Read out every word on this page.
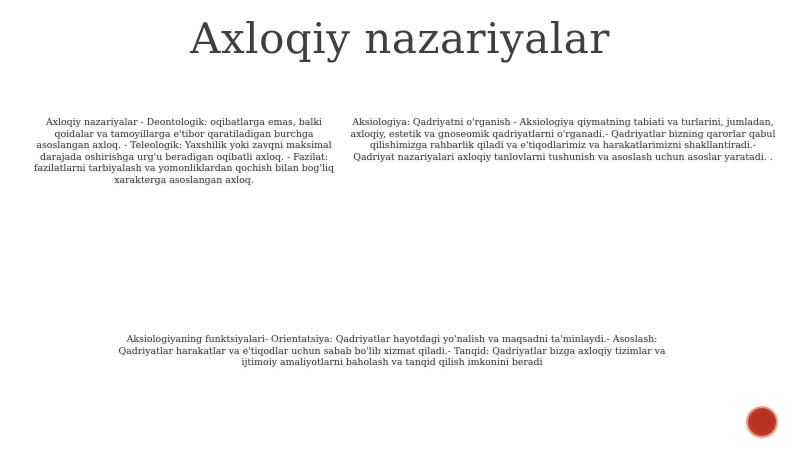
Axloqiy nazariyalar
Axloqiy nazariyalar - Deontologik: oqibatlarga emas, balki qoidalar va tamoyillarga e'tibor qaratiladigan burchga asoslangan axloq. - Teleologik: Yaxshilik yoki zavqni maksimal darajada oshirishga urg'u beradigan oqibatli axloq. - Fazilat: fazilatlarni tarbiyalash va yomonliklardan qochish bilan bog'liq xarakterga asoslangan axloq.
Aksiologiya: Qadriyatni o'rganish - Aksiologiya qiymatning tabiati va turlarini, jumladan, axloqiy, estetik va gnoseomik qadriyatlarni o'rganadi.- Qadriyatlar bizning qarorlar qabul qilishimizga rahbarlik qiladi va e'tiqodlarimiz va harakatlarimizni shakllantiradi.- Qadriyat nazariyalari axloqiy tanlovlarni tushunish va asoslash uchun asoslar yaratadi. .
Aksiologiyaning funktsiyalari- Orientatsiya: Qadriyatlar hayotdagi yo'nalish va maqsadni ta'minlaydi.- Asoslash: Qadriyatlar harakatlar va e'tiqodlar uchun sabab bo'lib xizmat qiladi.- Tanqid: Qadriyatlar bizga axloqiy tizimlar va ijtimoiy amaliyotlarni baholash va tanqid qilish imkonini beradi
